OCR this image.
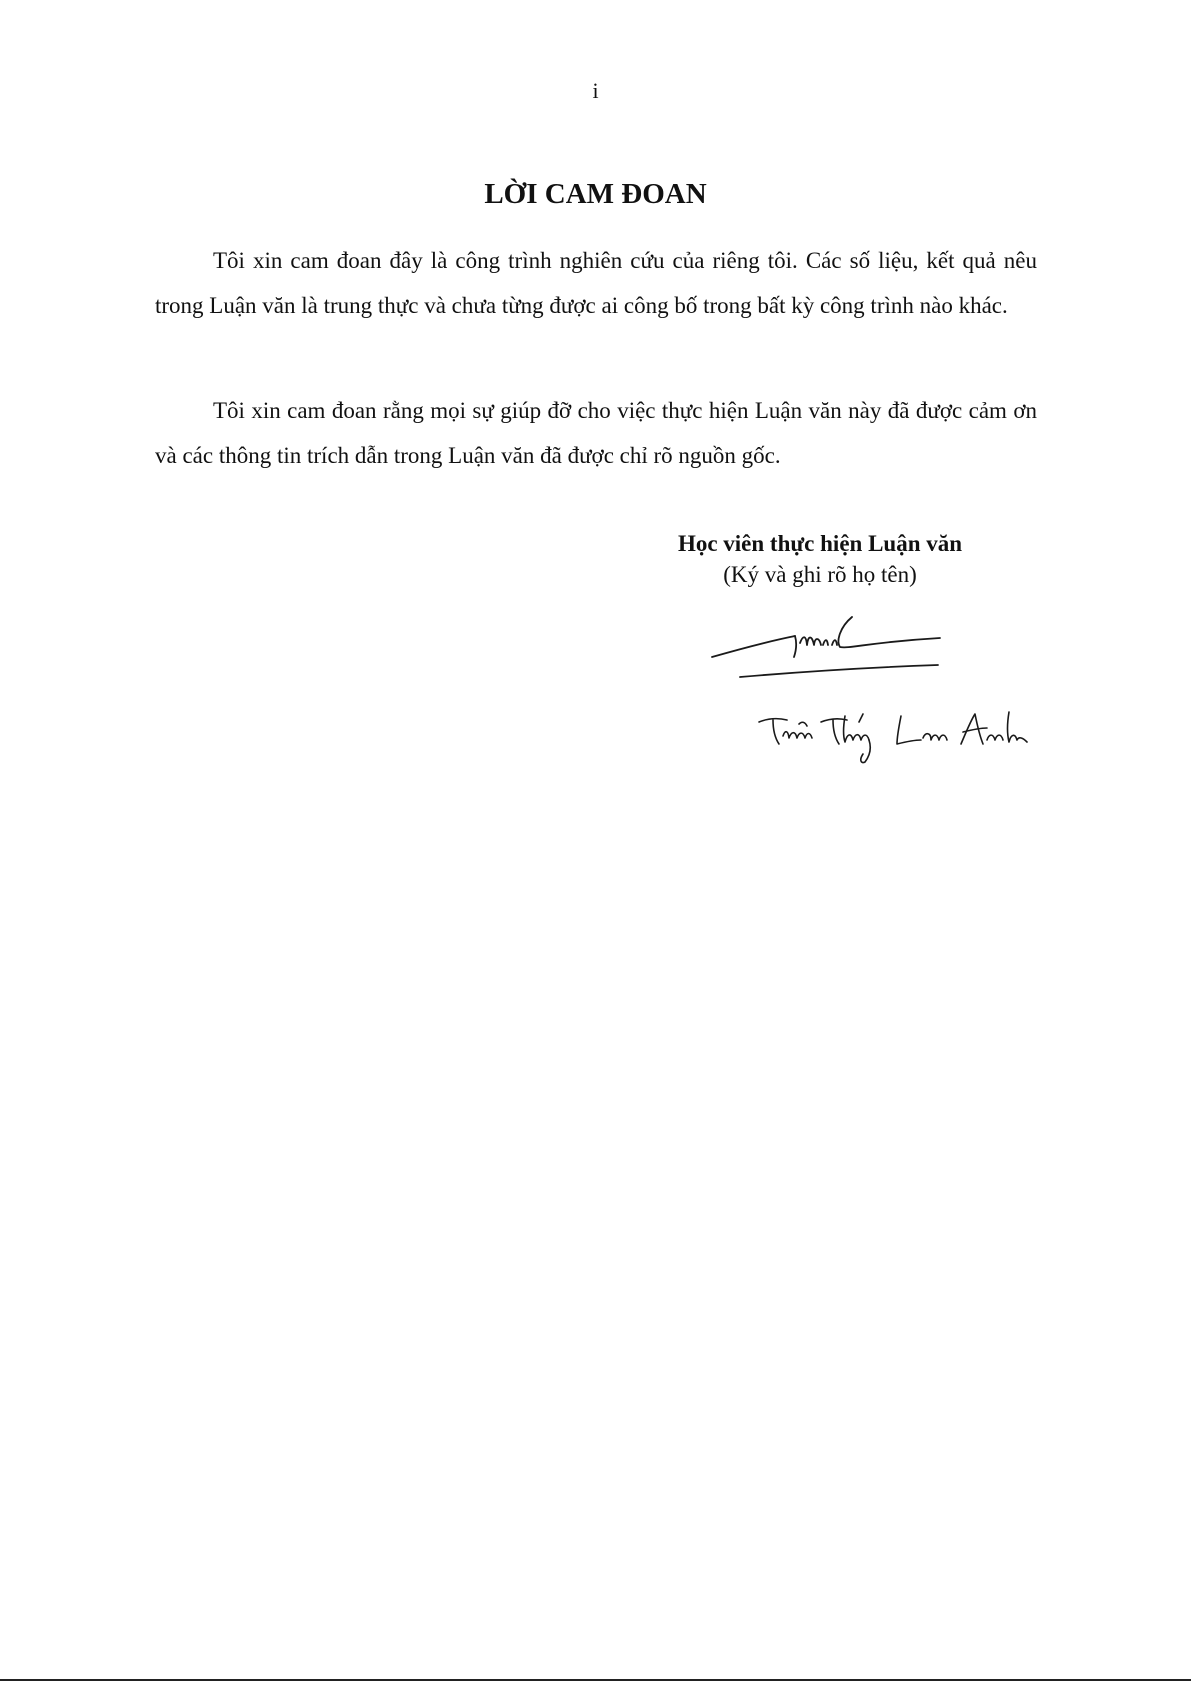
i
LỜI CAM ĐOAN

Tôi xin cam đoan đây là công trình nghiên cứu của riêng tôi. Các số liệu, kết quả nêu trong Luận văn là trung thực và chưa từng được ai công bố trong bất kỳ công trình nào khác.

Tôi xin cam đoan rằng mọi sự giúp đỡ cho việc thực hiện Luận văn này đã được cảm ơn và các thông tin trích dẫn trong Luận văn đã được chỉ rõ nguồn gốc.

Học viên thực hiện Luận văn
(Ký và ghi rõ họ tên)
